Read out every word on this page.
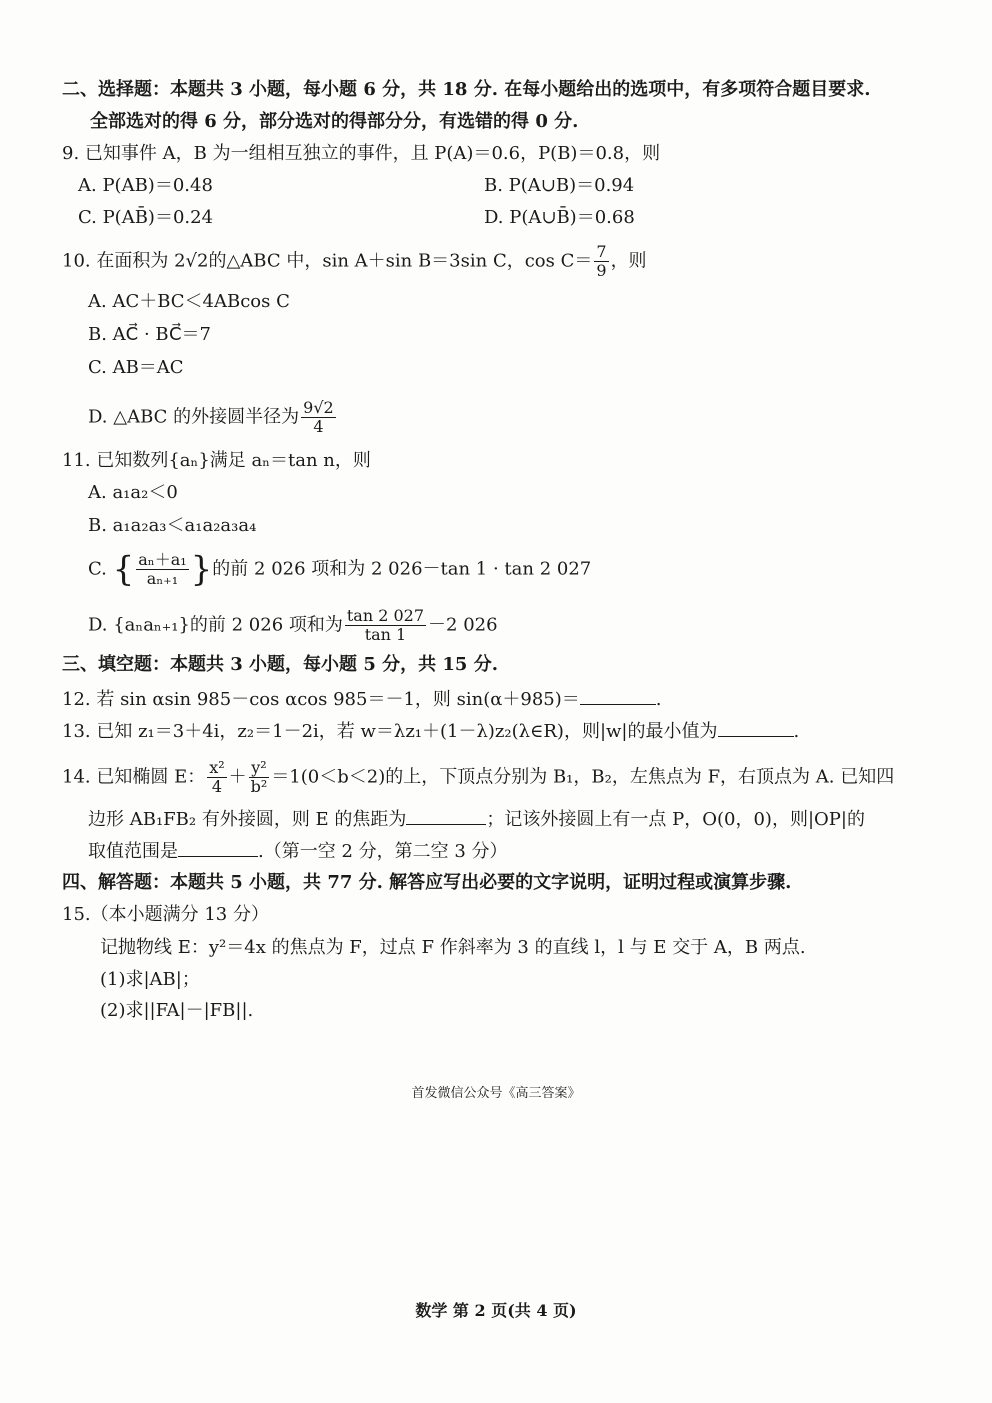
二、选择题：本题共 3 小题，每小题 6 分，共 18 分. 在每小题给出的选项中，有多项符合题目要求.
全部选对的得 6 分，部分选对的得部分分，有选错的得 0 分.
9. 已知事件 A，B 为一组相互独立的事件，且 P(A)＝0.6，P(B)＝0.8，则
A. P(AB)＝0.48	B. P(A∪B)＝0.94
C. P(AB̄)＝0.24	D. P(A∪B̄)＝0.68
10. 在面积为 2√2的△ABC 中，sin A＋sin B＝3sin C，$\cos C= \frac{7}{9}$ ，则
A. AC＋BC＜4ABcos C
B. AC⃗ · BC⃗＝7
C. AB＝AC
D. △ABC 的外接圆半径为 $\frac{9√2}{4}$
11. 已知数列{aₙ}满足 aₙ＝tan n，则
A. a₁a₂＜0
B. a₁a₂a₃＜a₁a₂a₃a₄
C. { $\frac{\text{aₙ＋a₁}}{\text{aₙ₊₁}}$ }的前 2 026 项和为 2 026－tan 1 · tan 2 027
D. {aₙaₙ₊₁}的前 2 026 项和为 $\frac{\tan 2 027}{\tan 1} -2$ 026
三、填空题：本题共 3 小题，每小题 5 分，共 15 分.
12. 若 sin αsin 985－cos αcos 985＝－1，则 sin(α＋985)＝	.
13. 已知 z₁＝3＋4i，z₂＝1－2i，若 w＝λz₁＋(1－λ)z₂(λ∈R)，则|w|的最小值为	.
14. 已知椭圆 E： $\frac{\text{x²}}{4} + \frac{\text{y²}}{\text{b²}} =1(0<b<2)$的上，下顶点分别为 B₁，B₂，左焦点为 F，右顶点为 A. 已知四
边形 AB₁FB₂ 有外接圆，则 E 的焦距为	；记该外接圆上有一点 P，O(0，0)，则|OP|的
取值范围是	.（第一空 2 分，第二空 3 分）
四、解答题：本题共 5 小题，共 77 分. 解答应写出必要的文字说明，证明过程或演算步骤.
15.（本小题满分 13 分）
记抛物线 E：y²＝4x 的焦点为 F，过点 F 作斜率为 3 的直线 l，l 与 E 交于 A，B 两点.
(1)求|AB|；
(2)求||FA|－|FB||.
首发微信公众号《高三答案》
数学 第 2 页(共 4 页)
